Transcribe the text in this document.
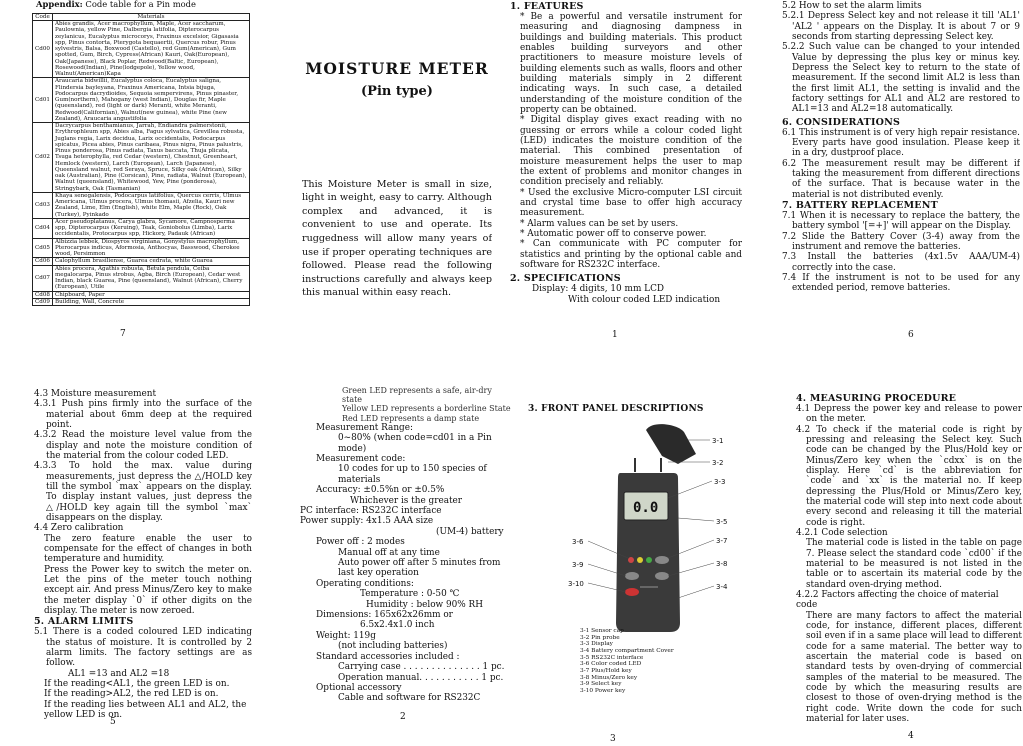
Appendix: Code table for a Pin mode
Code	Materials
Cd00	Abies grandis, Acer macrophyllum, Maple, Acer saccharum, Paulownia, yellow Pine, Dalbergia latifolia, Dipterocarpus zeylanicus, Eucalyptus microcorys, Fraxinus excelsior, Gigasasia spp, Pinus contorta, Pterygota bequaertii, Quercus robur, Pinus sylvestris, Balsa, Boxwood (Castello), red Gum(American), Gum spotted, Gum, Birch, Cypress(African) Kauri, Oak(European), Oak(Japanese), Black Poplar, Redwood(Baltic, European), Rosewood(Indian), Pine(lodgepole), Yellow wood, Walnut(American)Kapa
Cd01	Araucaria bidwillii, Eucalyptus coloca, Eucalyptus saligna, Flindersia bayleyana, Fraxinus Americana, Intsia bijuga, Podocarpus dacrydioides, Sequoia sempervirens, Pinus pinaster, Gum(northern), Mahogany (west Indian), Douglas fir, Maple (queensland), red (light or dark) Meranti, white Meranti, Redwood(Californian), Walnut(new guinea), white Pine (new Zealand), Araucaria angustifolia
Cd02	Dacrycarpus benthamianus, Jarrah, Endiandra palmerstonii, Erythrophleum spp, Abies alba, Fagus sylvatica, Grevillea robusta, Juglans regia, Larix decidua, Larix occidentalis, Podocarpus spicatus, Picea abies, Pinus caribaea, Pinus nigra, Pinus palustris, Pinus ponderosa, Pinus radiata, Taxus baccata, Thuja plicata, Tsuga heterophylla, red Cedar (western), Chestnut, Greenheart, Hemlock (western), Larch (European), Larch (Japanese), Queensland walnut, red Seraya, Spruce, Silky oak (African), Silky oak (Australian), Pine (Corsican), Pine, radiata, Walnut (European), Walnut (queensland), Whitewood, Yew, Pine (ponderosa), Stringybark, Oak (Tasmanian)
Cd03	Khaya senegalensis, Podocarpus latifolius, Quercus cerris, Ulmus Americana, Ulmus procera, Ulmus thomasii, Afzelia, Kauri new Zealand, Lime, Elm (English), white Elm, Maple (Rock), Oak (Turkey), Pyinkado
Cd04	Acer pseudoplatanus, Carya glabra, Sycamore, Campnosperma spp, Dipterocarpus (Keruing), Teak, Goniobolus (Limba), Larix occidentalis, Protocarpus spp, Hickory, Padauk (African)
Cd05	Albizzia lebbek, Diospyros virginiana, Gonystylus macrophyllum, Pterocarpus indicus, Aformosia, Anthocyas, Basswood, Cherokee wood, Persimmon
Cd06	Calophyllum brasiliense, Guarea cedrata, white Guarea
Cd07	Abies procera, Agathis robusta, Betula pendula, Ceiba megalocarpa, Pinus strobus, Agba, Birch (European), Cedar west Indian, black Guarea, Pine (queensland), Walnut (African), Cherry (European), Utile
Cd08	Chipboard, Paper
Cd09	Building, Wall, Concrete
7
MOISTURE METER
(Pin type)

This Moisture Meter is small in size, light in weight, easy to carry. Although complex and advanced, it is convenient to use and operate. Its ruggedness will allow many years of use if proper operating techniques are followed. Please read the following instructions carefully and always keep this manual within easy reach.

1. FEATURES

* Be a powerful and versatile instrument for measuring and diagnosing dampness in buildings and building materials. This product enables building surveyors and other practitioners to measure moisture levels of building elements such as walls, floors and other building materials simply in 2 different indicating ways. In such case, a detailed understanding of the moisture condition of the property can be obtained.

* Digital display gives exact reading with no guessing or errors while a colour coded light (LED) indicates the moisture condition of the material. This combined presentation of moisture measurement helps the user to map the extent of problems and monitor changes in condition precisely and reliably.

* Used the exclusive Micro-computer LSI circuit and crystal time base to offer high accuracy measurement.

* Alarm values can be set by users.

* Automatic power off to conserve power.

* Can communicate with PC computer for statistics and printing by the optional cable and software for RS232C interface.

2. SPECIFICATIONS

Display: 4 digits, 10 mm LCD

With colour coded LED indication

1

5.2 How to set the alarm limits

5.2.1 Depress Select key and not release it till 'AL1' 'AL2 ' appears on the Display. It is about 7 or 9 seconds from starting depressing Select key.

5.2.2 Such value can be changed to your intended Value by depressing the plus key or minus key. Depress the Select key to return to the state of measurement. If the second limit AL2 is less than the first limit AL1, the setting is invalid and the factory settings for AL1 and AL2 are restored to AL1=13 and AL2=18 automatically.

6. CONSIDERATIONS

6.1 This instrument is of very high repair resistance. Every parts have good insulation. Please keep it in a dry, dustproof place.

6.2 The measurement result may be different if taking the measurement from different directions of the surface. That is because water in the material is not distributed evenly.

7. BATTERY REPLACEMENT

7.1 When it is necessary to replace the battery, the battery symbol '[=+]' will appear on the Display.

7.2 Slide the Battery Cover (3-4) away from the instrument and remove the batteries.

7.3 Install the batteries (4x1.5v AAA/UM-4) correctly into the case.

7.4 If the instrument is not to be used for any extended period, remove batteries.

6

4.3 Moisture measurement

4.3.1 Push pins firmly into the surface of the material about 6mm deep at the required point.

4.3.2 Read the moisture level value from the display and note the moisture condition of the material from the colour coded LED.

4.3.3 To hold the max. value during measurements, just depress the △/HOLD key till the symbol `max` appears on the display. To display instant values, just depress the △/HOLD key again till the symbol `max` disappears on the display.

4.4 Zero calibration

The zero feature enable the user to compensate for the effect of changes in both temperature and humidity.

Press the Power key to switch the meter on. Let the pins of the meter touch nothing except air. And press Minus/Zero key to make the meter display `0` if other digits on the display. The meter is now zeroed.

5. ALARM LIMITS

5.1 There is a coded coloured LED indicating the status of moisture. It is controlled by 2 alarm limits. The factory settings are as follow.

AL1 =13 and AL2 =18

If the reading<AL1, the green LED is on.

If the reading>AL2, the red LED is on.

If the reading lies between AL1 and AL2, the yellow LED is on.

5

Green LED represents a safe, air-dry state

Yellow LED represents a borderline State

Red LED represents a damp state

Measurement Range:

0~80% (when code=cd01 in a Pin mode)

Measurement code:

10 codes for up to 150 species of materials

Accuracy: ±0.5%n or ±0.5%

Whichever is the greater

PC interface: RS232C interface

Power supply: 4x1.5 AAA size

(UM-4) battery

Power off : 2 modes

Manual off at any time

Auto power off after 5 minutes from last key operation

Operating conditions:

Temperature : 0-50 ℃

Humidity : below 90% RH

Dimensions: 165x62x26mm or

6.5x2.4x1.0 inch

Weight: 119g

(not including batteries)

Standard accessories included :

Carrying case . . . . . . . . . . . . . . 1 pc.

Operation manual. . . . . . . . . . . 1 pc.

Optional accessory

Cable and software for RS232C

2
3. FRONT PANEL DESCRIPTIONS
0.0
3-1
3-2
3-3
3-5
3-7
3-8
3-4
3-6
3-9
3-10

3-1 Sensor cap

3-2 Pin probe

3-3 Display

3-4 Battery compartment Cover

3-5 RS232C interface

3-6 Color coded LED

3-7 Plus/Hold key

3-8 Minus/Zero key

3-9 Select key

3-10 Power key

3
4. MEASURING PROCEDURE

4.1 Depress the power key and release to power on the meter.

4.2 To check if the material code is right by pressing and releasing the Select key. Such code can be changed by the Plus/Hold key or Minus/Zero key when the `cdxx` is on the display. Here `cd` is the abbreviation for `code` and `xx` is the material no. If keep depressing the Plus/Hold or Minus/Zero key, the material code will step into next code about every second and releasing it till the material code is right.

4.2.1 Code selection

The material code is listed in the table on page 7. Please select the standard code `cd00` if the material to be measured is not listed in the table or to ascertain its material code by the standard oven-drying method.

4.2.2 Factors affecting the choice of material code

There are many factors to affect the material code, for instance, different places, different soil even if in a same place will lead to different code for a same material. The better way to ascertain the material code is based on standard tests by oven-drying of commercial samples of the material to be measured. The code by which the measuring results are closest to those of oven-drying method is the right code. Write down the code for such material for later uses.

4
